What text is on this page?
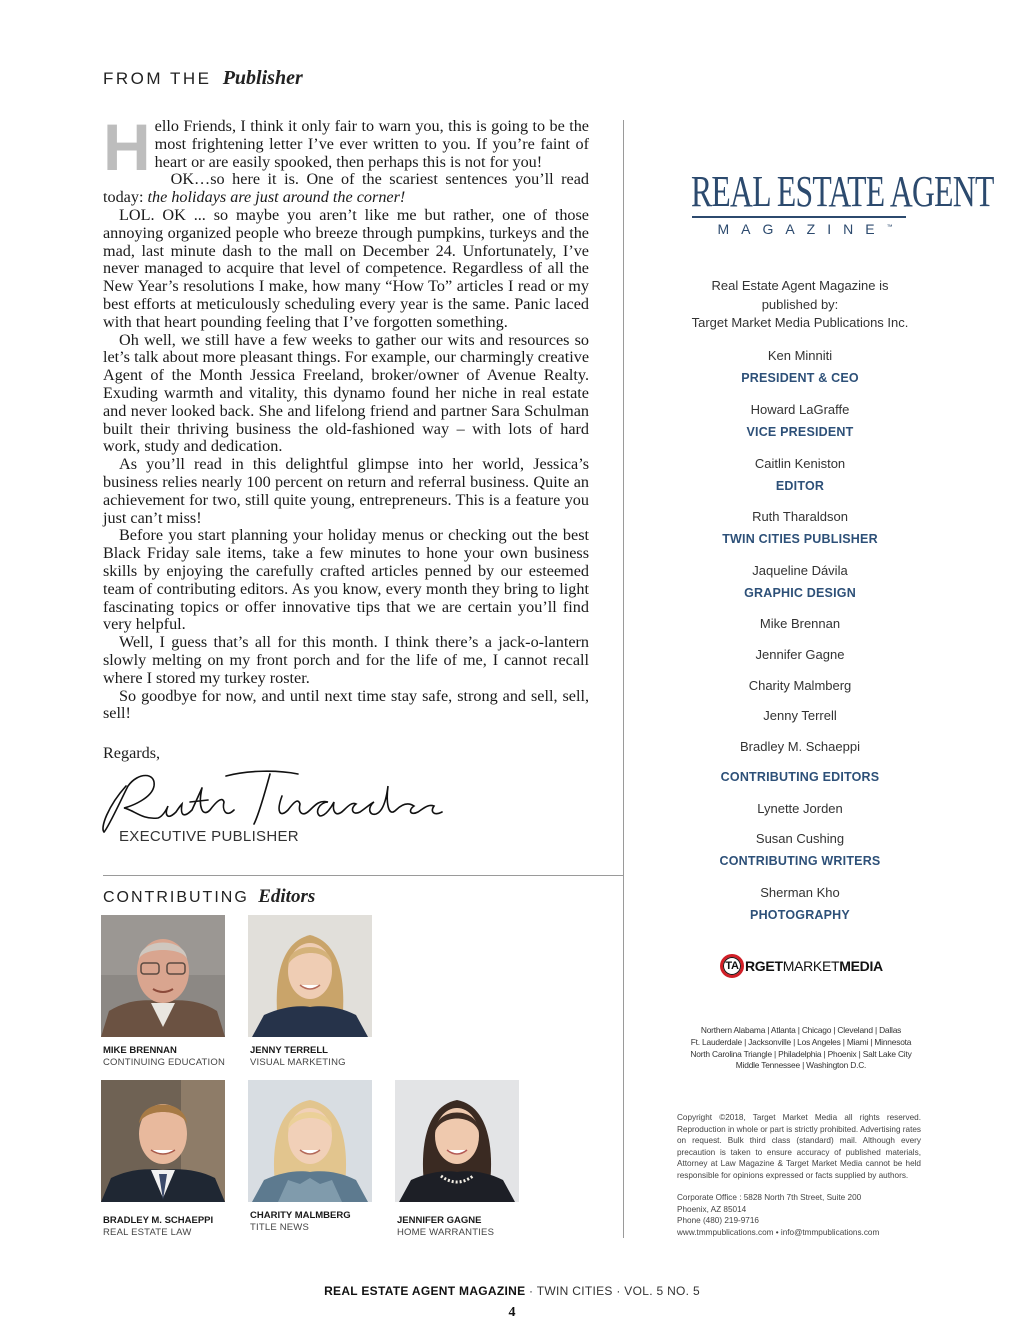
FROM THE Publisher

Hello Friends, I think it only fair to warn you, this is going to be the most frightening letter I’ve ever written to you. If you’re faint of heart or are easily spooked, then perhaps this is not for you!

OK…so here it is. One of the scariest sentences you’ll read today: the holidays are just around the corner!

LOL. OK ... so maybe you aren’t like me but rather, one of those annoying organized people who breeze through pumpkins, turkeys and the mad, last minute dash to the mall on December 24. Unfortunately, I’ve never managed to acquire that level of competence. Regardless of all the New Year’s resolutions I make, how many “How To” articles I read or my best efforts at meticulously scheduling every year is the same. Panic laced with that heart pounding feeling that I’ve forgotten something.

Oh well, we still have a few weeks to gather our wits and resources so let’s talk about more pleasant things. For example, our charmingly creative Agent of the Month Jessica Freeland, broker/owner of Avenue Realty. Exuding warmth and vitality, this dynamo found her niche in real estate and never looked back. She and lifelong friend and partner Sara Schulman built their thriving business the old-fashioned way – with lots of hard work, study and dedication.

As you’ll read in this delightful glimpse into her world, Jessica’s business relies nearly 100 percent on return and referral business. Quite an achievement for two, still quite young, entrepreneurs. This is a feature you just can’t miss!

Before you start planning your holiday menus or checking out the best Black Friday sale items, take a few minutes to hone your own business skills by enjoying the carefully crafted articles penned by our esteemed team of contributing editors. As you know, every month they bring to light fascinating topics or offer innovative tips that we are certain you’ll find very helpful.

Well, I guess that’s all for this month. I think there’s a jack-o-lantern slowly melting on my front porch and for the life of me, I cannot recall where I stored my turkey roster.

So goodbye for now, and until next time stay safe, strong and sell, sell, sell!

Regards,
EXECUTIVE PUBLISHER
CONTRIBUTING Editors
MIKE BRENNAN
CONTINUING EDUCATION
JENNY TERRELL
VISUAL MARKETING
BRADLEY M. SCHAEPPI
REAL ESTATE LAW
CHARITY MALMBERG
TITLE NEWS
JENNIFER GAGNE
HOME WARRANTIES
REAL ESTATE AGENT
MAGAZINE™
Real Estate Agent Magazine is
published by:
Target Market Media Publications Inc.
Ken Minniti
PRESIDENT & CEO
Howard LaGraffe
VICE PRESIDENT
Caitlin Keniston
EDITOR
Ruth Tharaldson
TWIN CITIES PUBLISHER
Jaqueline Dávila
GRAPHIC DESIGN
Mike Brennan
Jennifer Gagne
Charity Malmberg
Jenny Terrell
Bradley M. Schaeppi
CONTRIBUTING EDITORS
Lynette Jorden
Susan Cushing
CONTRIBUTING WRITERS
Sherman Kho
PHOTOGRAPHY
TA RGET MARKET MEDIA
Northern Alabama | Atlanta | Chicago | Cleveland | Dallas
Ft. Lauderdale | Jacksonville | Los Angeles | Miami | Minnesota
North Carolina Triangle | Philadelphia | Phoenix | Salt Lake City
Middle Tennessee | Washington D.C.
Copyright ©2018, Target Market Media all rights reserved. Reproduction in whole or part is strictly prohibited. Advertising rates on request. Bulk third class (standard) mail. Although every precaution is taken to ensure accuracy of published materials, Attorney at Law Magazine & Target Market Media cannot be held responsible for opinions expressed or facts supplied by authors.
Corporate Office : 5828 North 7th Street, Suite 200
Phoenix, AZ 85014
Phone (480) 219-9716
www.tmmpublications.com • info@tmmpublications.com
REAL ESTATE AGENT MAGAZINE · TWIN CITIES · VOL. 5 NO. 5
4
